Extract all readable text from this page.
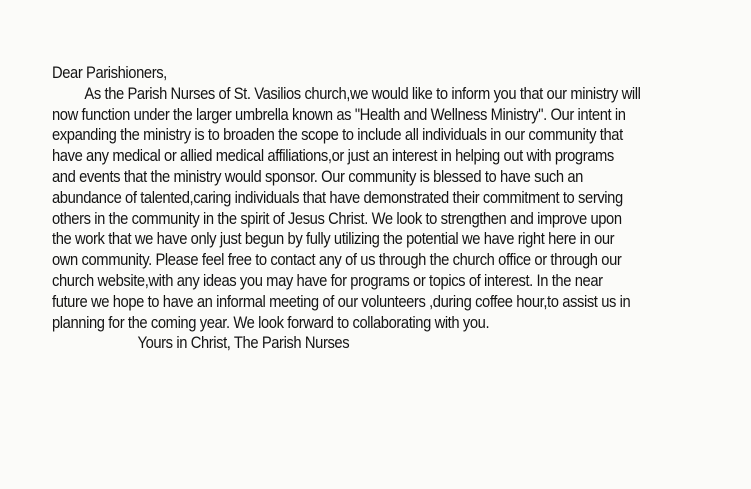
Dear Parishioners,
As the Parish Nurses of St. Vasilios church,we would like to inform you that our ministry will
now function under the larger umbrella known as "Health and Wellness Ministry". Our intent in
expanding the ministry is to broaden the scope to include all individuals in our community that
have any medical or allied medical affiliations,or just an interest in helping out with programs
and events that the ministry would sponsor. Our community is blessed to have such an
abundance of talented,caring individuals that have demonstrated their commitment to serving
others in the community in the spirit of Jesus Christ. We look to strengthen and improve upon
the work that we have only just begun by fully utilizing the potential we have right here in our
own community. Please feel free to contact any of us through the church office or through our
church website,with any ideas you may have for programs or topics of interest. In the near
future we hope to have an informal meeting of our volunteers ,during coffee hour,to assist us in
planning for the coming year. We look forward to collaborating with you.
Yours in Christ, The Parish Nurses
